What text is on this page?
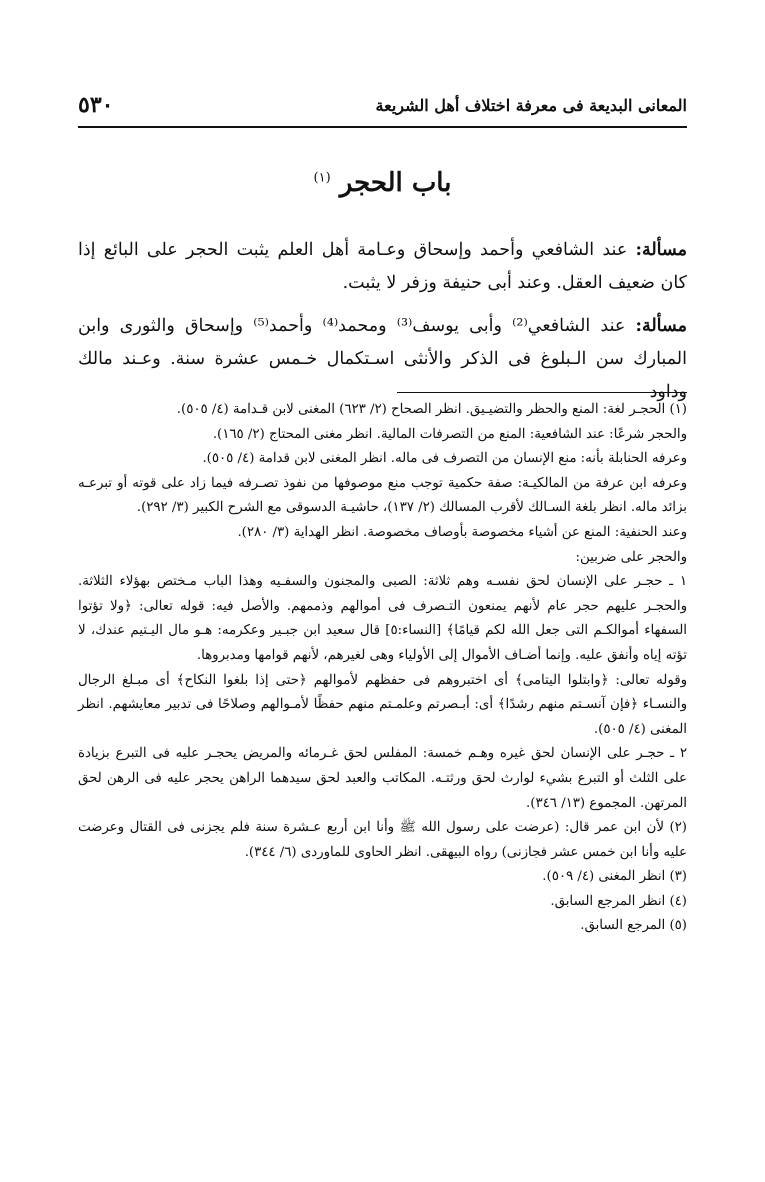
٥٣٠	المعانى البديعة فى معرفة اختلاف أهل الشريعة
باب الحجر $^{(١)}$

مسألة: عند الشافعي وأحمد وإسحاق وعـامة أهل العلم يثبت الحجر على البائع إذا كان ضعيف العقل. وعند أبى حنيفة وزفر لا يثبت.

مسألة: عند الشافعي⁽²⁾ وأبى يوسف⁽³⁾ ومحمد⁽⁴⁾ وأحمد⁽⁵⁾ وإسحاق والثورى وابن المبارك سن الـبلوغ فى الذكر والأنثى اسـتكمال خـمس عشرة سنة. وعـند مالك وداود

(١) الحجـر لغة: المنع والحظر والتضيـيق. انظر الصحاح (٢/ ٦٢٣) المغنى لابن قـدامة (٤/ ٥٠٥).

والحجر شرعًا: عند الشافعية: المنع من التصرفات المالية. انظر مغنى المحتاج (٢/ ١٦٥).

وعرفه الحنابلة بأنه: منع الإنسان من التصرف فى ماله. انظر المغنى لابن قدامة (٤/ ٥٠٥).

وعرفه ابن عرفة من المالكيـة: صفة حكمية توجب منع موصوفها من نفوذ تصـرفه فيما زاد على قوته أو تبرعـه بزائد ماله. انظر بلغة السـالك لأقرب المسالك (٢/ ١٣٧)، حاشيـة الدسوقى مع الشرح الكبير (٣/ ٢٩٢).

وعند الحنفية: المنع عن أشياء مخصوصة بأوصاف مخصوصة. انظر الهداية (٣/ ٢٨٠).

والحجر على ضربين:

١ ـ حجـر على الإنسان لحق نفسـه وهم ثلاثة: الصبى والمجنون والسفـيه وهذا الباب مـختص بهؤلاء الثلاثة. والحجـر عليهم حجر عام لأنهم يمنعون التـصرف فى أموالهم وذممهم. والأصل فيه: قوله تعالى: ﴿ولا تؤتوا السفهاء أموالكـم التى جعل الله لكم قيامًا﴾ [النساء:٥] قال سعيد ابن جبـير وعكرمه: هـو مال اليـتيم عندك، لا تؤته إياه وأنفق عليه. وإنما أضـاف الأموال إلى الأولياء وهى لغيرهم، لأنهم قوامها ومدبروها.

وقوله تعالى: ﴿وابتلوا اليتامى﴾ أى اختبروهم فى حفظهم لأموالهم ﴿حتى إذا بلغوا النكاح﴾ أى مبـلغ الرجال والنسـاء ﴿فإن آنسـتم منهم رشدًا﴾ أى: أبـصرتم وعلمـتم منهم حفظًا لأمـوالهم وصلاحًا فى تدبير معايشهم. انظر المغنى (٤/ ٥٠٥).

٢ ـ حجـر على الإنسان لحق غيره وهـم خمسة: المفلس لحق غـرمائه والمريض يحجـر عليه فى التبرع بزيادة على الثلث أو التبرع بشيء لوارث لحق ورثتـه. المكاتب والعبد لحق سيدهما الراهن يحجر عليه فى الرهن لحق المرتهن. المجموع (١٣/ ٣٤٦).

(٢) لأن ابن عمر قال: (عرضت على رسول الله ﷺ وأنا ابن أربع عـشرة سنة فلم يجزنى فى القتال وعرضت عليه وأنا ابن خمس عشر فجازنى) رواه البيهقى. انظر الحاوى للماوردى (٦/ ٣٤٤).

(٣) انظر المغنى (٤/ ٥٠٩).

(٤) انظر المرجع السابق.

(٥) المرجع السابق.
